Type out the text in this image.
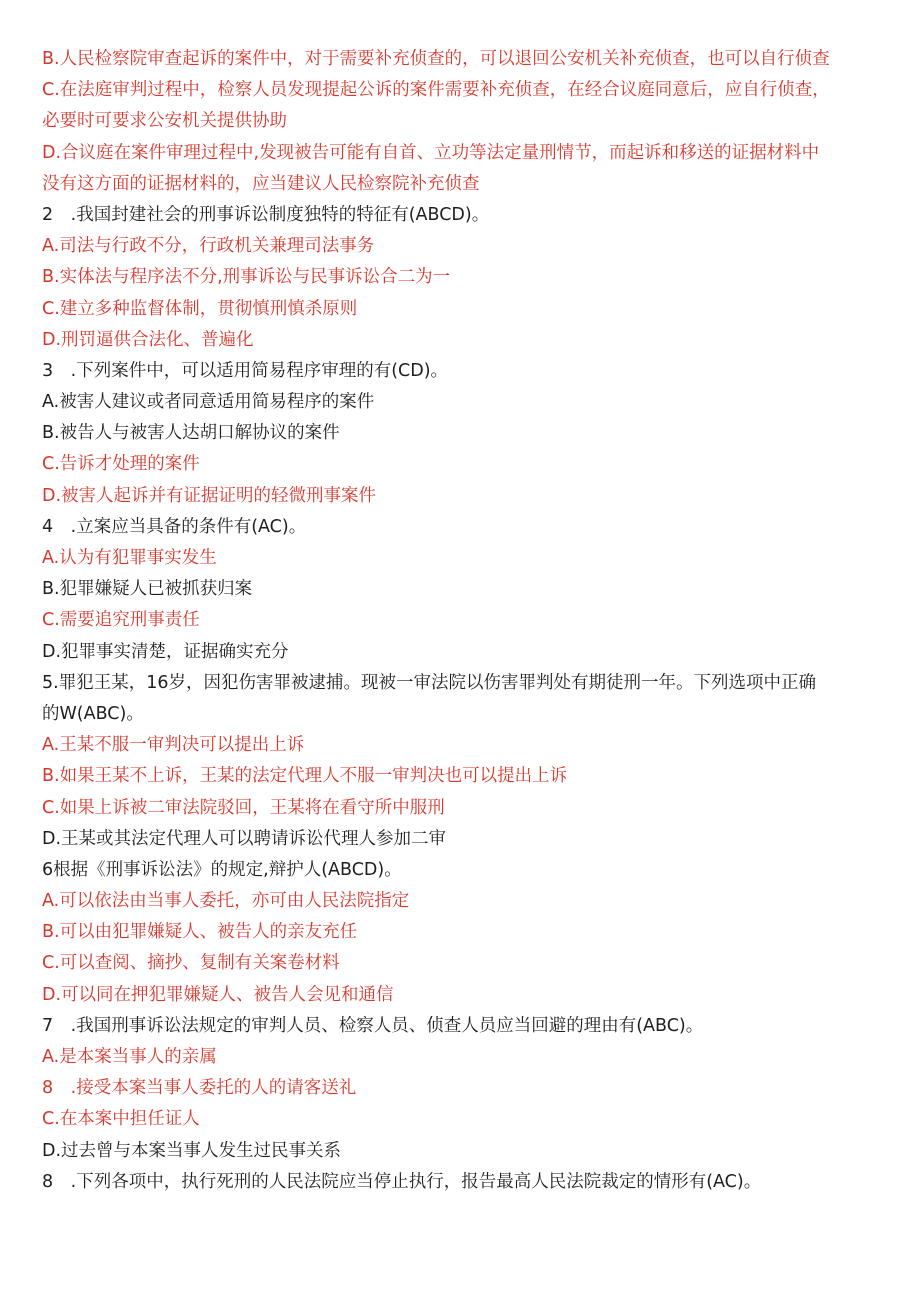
B.人民检察院审查起诉的案件中，对于需要补充侦查的，可以退回公安机关补充侦查，也可以自行侦查
C.在法庭审判过程中，检察人员发现提起公诉的案件需要补充侦查，在经合议庭同意后，应自行侦查，
必要时可要求公安机关提供协助
D.合议庭在案件审理过程中,发现被告可能有自首、立功等法定量刑情节，而起诉和移送的证据材料中
没有这方面的证据材料的，应当建议人民检察院补充侦查
2　.我国封建社会的刑事诉讼制度独特的特征有(ABCD)。
A.司法与行政不分，行政机关兼理司法事务
B.实体法与程序法不分,刑事诉讼与民事诉讼合二为一
C.建立多种监督体制，贯彻慎刑慎杀原则
D.刑罚逼供合法化、普遍化
3　.下列案件中，可以适用简易程序审理的有(CD)。
A.被害人建议或者同意适用简易程序的案件
B.被告人与被害人达胡口解协议的案件
C.告诉才处理的案件
D.被害人起诉并有证据证明的轻微刑事案件
4　.立案应当具备的条件有(AC)。
A.认为有犯罪事实发生
B.犯罪嫌疑人已被抓获归案
C.需要追究刑事责任
D.犯罪事实清楚，证据确实充分
5.罪犯王某，16岁，因犯伤害罪被逮捕。现被一审法院以伤害罪判处有期徒刑一年。下列选项中正确
的W(ABC)。
A.王某不服一审判决可以提出上诉
B.如果王某不上诉，王某的法定代理人不服一审判决也可以提出上诉
C.如果上诉被二审法院驳回，王某将在看守所中服刑
D.王某或其法定代理人可以聘请诉讼代理人参加二审
6根据《刑事诉讼法》的规定,辩护人(ABCD)。
A.可以依法由当事人委托，亦可由人民法院指定
B.可以由犯罪嫌疑人、被告人的亲友充任
C.可以查阅、摘抄、复制有关案卷材料
D.可以同在押犯罪嫌疑人、被告人会见和通信
7　.我国刑事诉讼法规定的审判人员、检察人员、侦查人员应当回避的理由有(ABC)。
A.是本案当事人的亲属
8　.接受本案当事人委托的人的请客送礼
C.在本案中担任证人
D.过去曾与本案当事人发生过民事关系
8　.下列各项中，执行死刑的人民法院应当停止执行，报告最高人民法院裁定的情形有(AC)。
